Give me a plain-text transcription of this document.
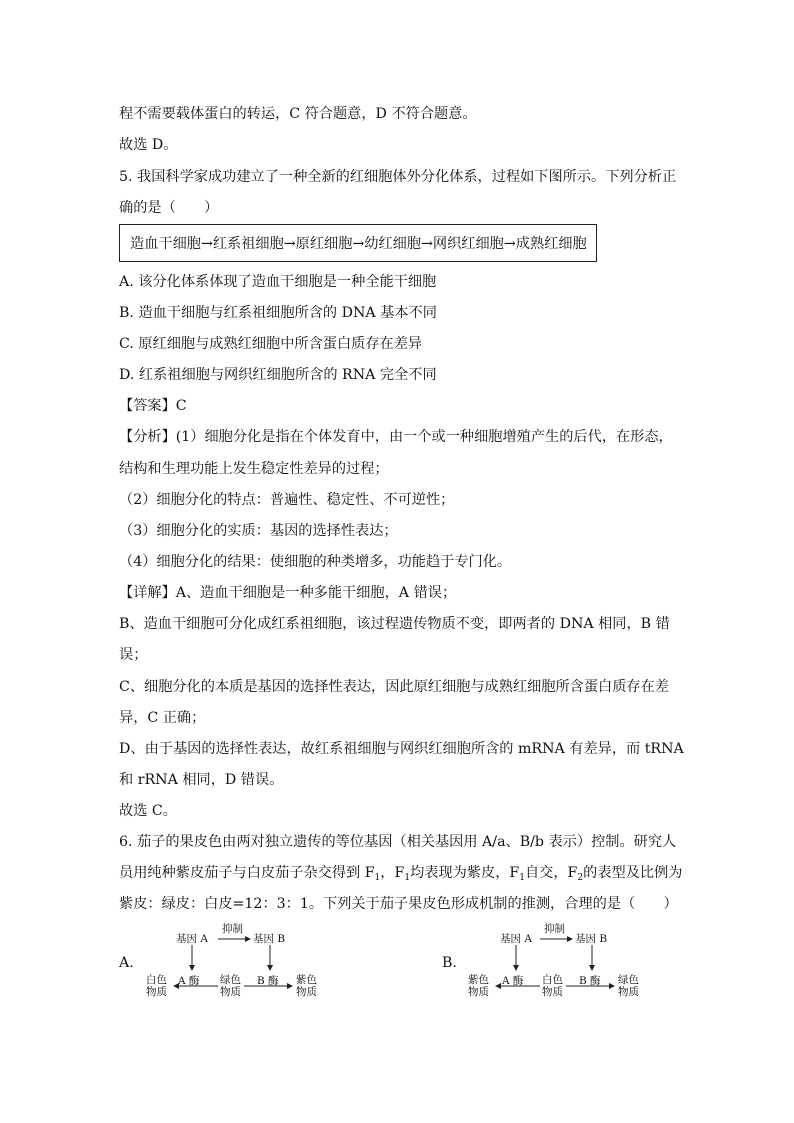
程不需要载体蛋白的转运，C 符合题意，D 不符合题意。
故选 D。
5. 我国科学家成功建立了一种全新的红细胞体外分化体系，过程如下图所示。下列分析正
确的是（　　）
造血干细胞→红系祖细胞→原红细胞→幼红细胞→网织红细胞→成熟红细胞
A. 该分化体系体现了造血干细胞是一种全能干细胞
B. 造血干细胞与红系祖细胞所含的 DNA 基本不同
C. 原红细胞与成熟红细胞中所含蛋白质存在差异
D. 红系祖细胞与网织红细胞所含的 RNA 完全不同
【答案】C
【分析】(1）细胞分化是指在个体发育中，由一个或一种细胞增殖产生的后代，在形态，
结构和生理功能上发生稳定性差异的过程；
（2）细胞分化的特点：普遍性、稳定性、不可逆性；
（3）细胞分化的实质：基因的选择性表达；
（4）细胞分化的结果：使细胞的种类增多，功能趋于专门化。
【详解】A、造血干细胞是一种多能干细胞，A 错误；
B、造血干细胞可分化成红系祖细胞，该过程遗传物质不变，即两者的 DNA 相同，B 错
误；
C、细胞分化的本质是基因的选择性表达，因此原红细胞与成熟红细胞所含蛋白质存在差
异，C 正确；
D、由于基因的选择性表达，故红系祖细胞与网织红细胞所含的 mRNA 有差异，而 tRNA
和 rRNA 相同，D 错误。
故选 C。
6. 茄子的果皮色由两对独立遗传的等位基因（相关基因用 A/a、B/b 表示）控制。研究人
员用纯种紫皮茄子与白皮茄子杂交得到 $F_1$，$F_1$均表现为紫皮，$F_1$自交，$F_2$的表型及比例为
紫皮：绿皮：白皮=12：3：1。下列关于茄子果皮色形成机制的推测，合理的是（　　）
A.
基因 A
抑制
基因 B
A 酶	B 酶
白色
物质
绿色
物质
紫色
物质
B.
基因 A
抑制
基因 B
A 酶	B 酶
紫色
物质
白色
物质
绿色
物质
